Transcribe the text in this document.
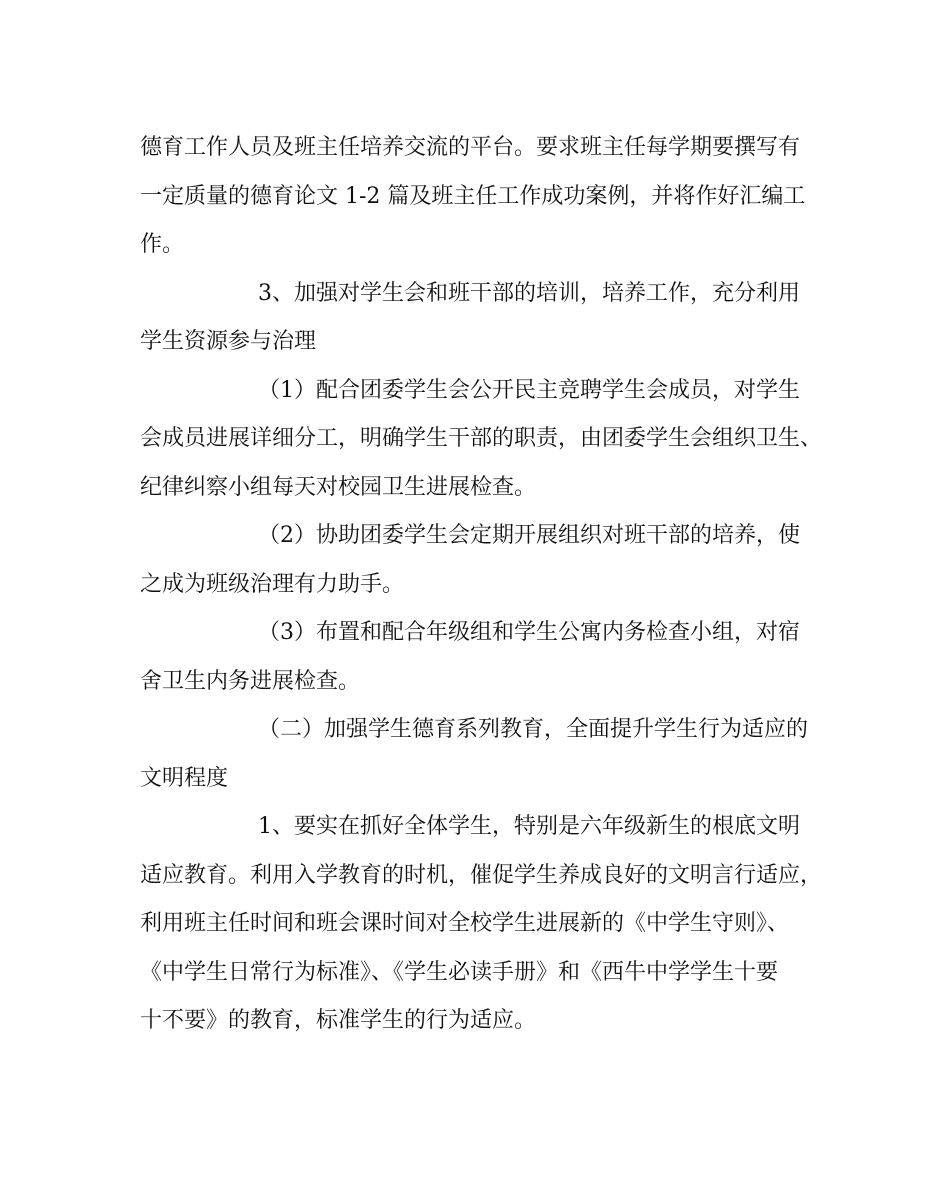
德育工作人员及班主任培养交流的平台。要求班主任每学期要撰写有
一定质量的德育论文 1-2 篇及班主任工作成功案例，并将作好汇编工
作。
3、加强对学生会和班干部的培训，培养工作，充分利用
学生资源参与治理
（1）配合团委学生会公开民主竞聘学生会成员，对学生
会成员进展详细分工，明确学生干部的职责，由团委学生会组织卫生、
纪律纠察小组每天对校园卫生进展检查。
（2）协助团委学生会定期开展组织对班干部的培养，使
之成为班级治理有力助手。
（3）布置和配合年级组和学生公寓内务检查小组，对宿
舍卫生内务进展检查。
（二）加强学生德育系列教育，全面提升学生行为适应的
文明程度
1、要实在抓好全体学生，特别是六年级新生的根底文明
适应教育。利用入学教育的时机，催促学生养成良好的文明言行适应，
利用班主任时间和班会课时间对全校学生进展新的《中学生守则》、
《中学生日常行为标准》、《学生必读手册》和《西牛中学学生十要
十不要》的教育，标准学生的行为适应。
